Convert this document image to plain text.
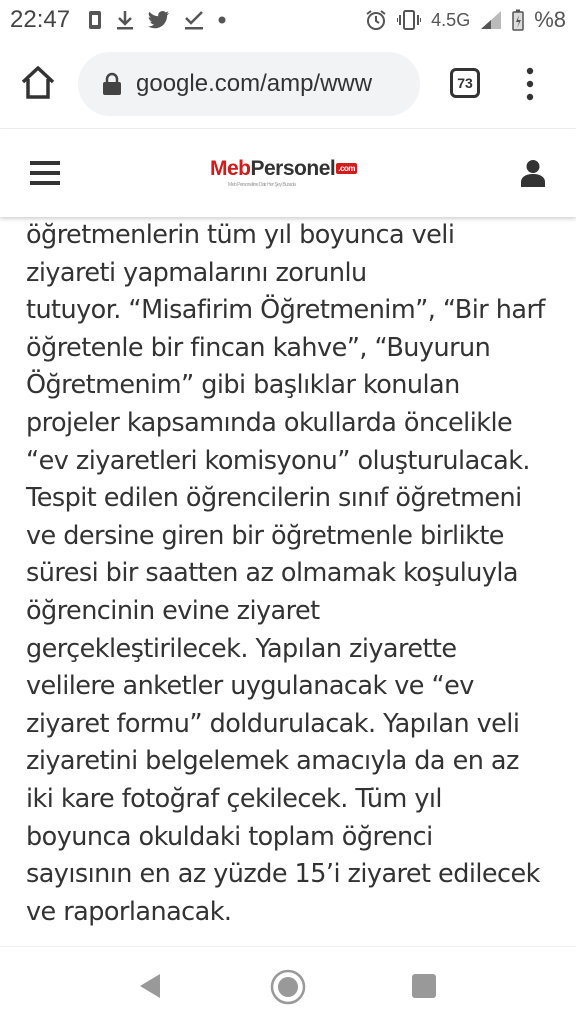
22:47	4.5G	%8
google.com/amp/www	73
MebPersonel .com
Meb Personeline Dair Her Şey Burada

öğretmenlerin tüm yıl boyunca veli
ziyareti yapmalarını zorunlu
tutuyor. “Misafirim Öğretmenim”, “Bir harf
öğretenle bir fincan kahve”, “Buyurun
Öğretmenim” gibi başlıklar konulan
projeler kapsamında okullarda öncelikle
“ev ziyaretleri komisyonu” oluşturulacak.
Tespit edilen öğrencilerin sınıf öğretmeni
ve dersine giren bir öğretmenle birlikte
süresi bir saatten az olmamak koşuluyla
öğrencinin evine ziyaret
gerçekleştirilecek. Yapılan ziyarette
velilere anketler uygulanacak ve “ev
ziyaret formu” doldurulacak. Yapılan veli
ziyaretini belgelemek amacıyla da en az
iki kare fotoğraf çekilecek. Tüm yıl
boyunca okuldaki toplam öğrenci
sayısının en az yüzde 15’i ziyaret edilecek
ve raporlanacak.
